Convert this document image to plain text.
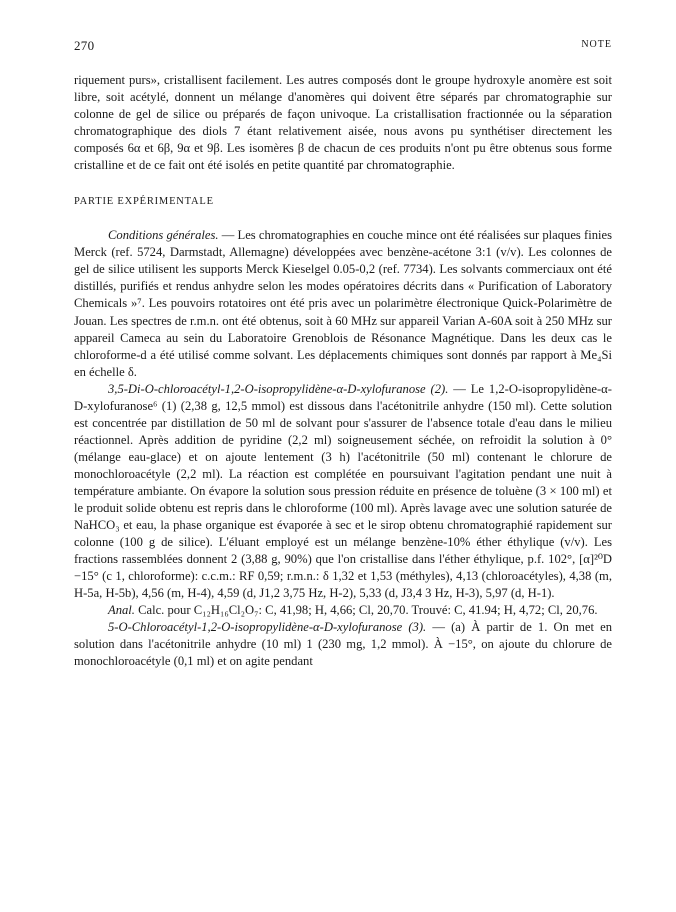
270	NOTE

riquement purs», cristallisent facilement. Les autres composés dont le groupe hydroxyle anomère est soit libre, soit acétylé, donnent un mélange d'anomères qui doivent être séparés par chromatographie sur colonne de gel de silice ou préparés de façon univoque. La cristallisation fractionnée ou la séparation chromatographique des diols 7 étant relativement aisée, nous avons pu synthétiser directement les composés 6α et 6β, 9α et 9β. Les isomères β de chacun de ces produits n'ont pu être obtenus sous forme cristalline et de ce fait ont été isolés en petite quantité par chromatographie.

PARTIE EXPÉRIMENTALE

Conditions générales. — Les chromatographies en couche mince ont été réalisées sur plaques finies Merck (ref. 5724, Darmstadt, Allemagne) développées avec benzène-acétone 3:1 (v/v). Les colonnes de gel de silice utilisent les supports Merck Kieselgel 0.05-0,2 (ref. 7734). Les solvants commerciaux ont été distillés, purifiés et rendus anhydre selon les modes opératoires décrits dans « Purification of Laboratory Chemicals »⁷. Les pouvoirs rotatoires ont été pris avec un polarimètre électronique Quick-Polarimètre de Jouan. Les spectres de r.m.n. ont été obtenus, soit à 60 MHz sur appareil Varian A-60A soit à 250 MHz sur appareil Cameca au sein du Laboratoire Grenoblois de Résonance Magnétique. Dans les deux cas le chloroforme-d a été utilisé comme solvant. Les déplacements chimiques sont donnés par rapport à Me₄Si en échelle δ.

3,5-Di-O-chloroacétyl-1,2-O-isopropylidène-α-D-xylofuranose (2). — Le 1,2-O-isopropylidène-α-D-xylofuranose⁶ (1) (2,38 g, 12,5 mmol) est dissous dans l'acétonitrile anhydre (150 ml). Cette solution est concentrée par distillation de 50 ml de solvant pour s'assurer de l'absence totale d'eau dans le milieu réactionnel. Après addition de pyridine (2,2 ml) soigneusement séchée, on refroidit la solution à 0° (mélange eau-glace) et on ajoute lentement (3 h) l'acétonitrile (50 ml) contenant le chlorure de monochloroacétyle (2,2 ml). La réaction est complétée en poursuivant l'agitation pendant une nuit à température ambiante. On évapore la solution sous pression réduite en présence de toluène (3 × 100 ml) et le produit solide obtenu est repris dans le chloroforme (100 ml). Après lavage avec une solution saturée de NaHCO₃ et eau, la phase organique est évaporée à sec et le sirop obtenu chromatographié rapidement sur colonne (100 g de silice). L'éluant employé est un mélange benzène-10% éther éthylique (v/v). Les fractions rassemblées donnent 2 (3,88 g, 90%) que l'on cristallise dans l'éther éthylique, p.f. 102°, [α]²⁰D −15° (c 1, chloroforme): c.c.m.: RF 0,59; r.m.n.: δ 1,32 et 1,53 (méthyles), 4,13 (chloroacétyles), 4,38 (m, H-5a, H-5b), 4,56 (m, H-4), 4,59 (d, J1,2 3,75 Hz, H-2), 5,33 (d, J3,4 3 Hz, H-3), 5,97 (d, H-1).

Anal. Calc. pour C₁₂H₁₆Cl₂O₇: C, 41,98; H, 4,66; Cl, 20,70. Trouvé: C, 41.94; H, 4,72; Cl, 20,76.

5-O-Chloroacétyl-1,2-O-isopropylidène-α-D-xylofuranose (3). — (a) À partir de 1. On met en solution dans l'acétonitrile anhydre (10 ml) 1 (230 mg, 1,2 mmol). À −15°, on ajoute du chlorure de monochloroacétyle (0,1 ml) et on agite pendant
